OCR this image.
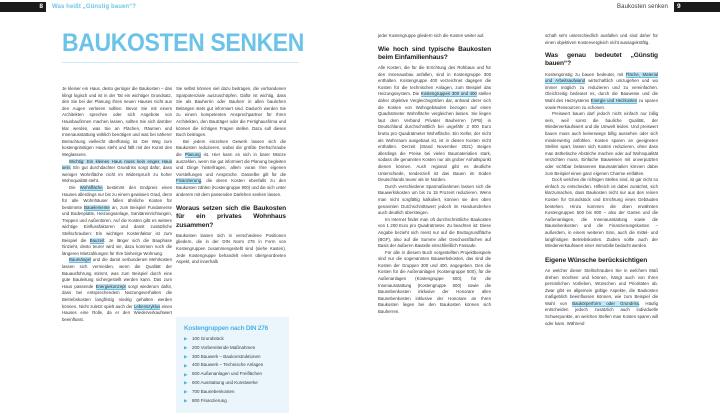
8	Was heißt „Günstig bauen“?	Baukosten senken	9
BAUKOSTEN SENKEN

Je kleiner ein Haus, desto geringer die Baukosten – das klingt logisch und ist in der Tat ein wichtiger Grundsatz, den Sie bei der Planung Ihres neuen Hauses nicht aus den Augen verlieren sollten. Bevor Sie mit einem Architekten sprechen oder sich Angebote von Hausbaufirmen machen lassen, sollten Sie sich darüber klar werden, was Sie an Flächen, Räumen und Innenausstattung wirklich benötigen und was bei näherer Betrachtung vielleicht überflüssig ist. Der Weg zum kostengünstigen Haus steht und fällt mit der Kunst des Weglassens.

Wichtig: Ein kleines Haus muss kein enges Haus sein. Ein gut durchdachter Grundriss sorgt dafür, dass weniger Wohnfläche nicht im Widerspruch zu hoher Wohnqualität steht.

Die Wohnfläche bestimmt den Endpreis eines Hauses allerdings nur bis zu einem gewissen Grad, denn für alle Wohnhäuser fallen ähnliche Kosten für bestimmte Bauelemente an, zum Beispiel Fundamente und Bodenplatte, Heizungsanlage, Sanitäreinrichtungen, Treppen und Außentüren. Auf die Kosten gibt es weitere wichtige Einflussfaktoren und damit zusätzliche Stellschrauben: Ein wichtiger Kostenfaktor ist zum Beispiel die Bauzeit: Je länger sich die Bauphase hinzieht, desto teurer wird sie, dazu kommen noch die längeren Mietzahlungen für Ihre bisherige Wohnung.

Baumängel und die damit verbundenen Mehrkosten lassen sich vermeiden, wenn die Qualität der Bauausführung stimmt, was zum Beispiel durch eine gute Bauleitung sichergestellt werden kann. Das zum Haus passende Energiekonzept sorgt wiederum dafür, dass bei entsprechendem Nutzungsverhalten die Betriebskosten langfristig niedrig gehalten werden können. Nicht zuletzt spielt auch der Lebenszyklus eines Hauses eine Rolle, da er den Wiederverkaufswert beeinflusst.

Sie selbst können viel dazu beitragen, die vorhandenen Sparpotenziale auszuschöpfen. Dafür ist wichtig, dass Sie als Bauherrin oder Bauherr in allen baulichen Belangen stets gut informiert sind. Dadurch werden Sie zu einem kompetenten Ansprechpartner für Ihren Architekten, den Bauträger oder die Fertighausfirma und können die richtigen Fragen stellen. Dazu soll dieses Buch beitragen.

Bei jedem einzelnen Gewerk lassen sich die Baukosten reduzieren, wobei die größte Drehschraube die Planung ist. Hier kann es sich in barer Münze auszahlen, wenn Sie gut informiert die Planung begleiten und Dinge hinterfragen, allem voran Ihre eigenen Vorstellungen und Ansprüche. Dasselbe gilt für die Finanzierung, die deren Kosten ebenfalls zu den Baukosten zählen (Kostengruppe 800) und die sich unter anderem mit dem passenden Darlehen senken lassen.

Woraus setzen sich die Baukosten für ein privates Wohnhaus zusammen?

Baukosten lassen sich in verschiedene Positionen gliedern, die in der DIN Norm 276 in Form von Kostengruppen zusammengestellt sind (siehe Kasten). Jede Kostengruppe behandelt einen übergeordneten Aspekt, und innerhalb

Kostengruppen nach DIN 276
▶ 100 Grundstück
▶ 200 Vorbereitende Maßnahmen
▶ 300 Bauwerk – Baukonstruktionen
▶ 400 Bauwerk – Technische Anlagen
▶ 500 Außenanlagen und Freiflächen
▶ 600 Ausstattung und Kunstwerke
▶ 700 Baunebenkosten
▶ 800 Finanzierung

jeder Kostengruppe gliedern sich die Kosten weiter auf.

Wie hoch sind typische Baukosten beim Einfamilienhaus?

Alle Kosten, die für die Errichtung des Rohbaus und für den Innenausbau anfallen, sind in Kostengruppe 300 enthalten. Kostengruppe 400 verzeichnet dagegen die Kosten für die technischen Anlagen, zum Beispiel das Heizungssystem. Die Kostengruppen 300 und 400 stellen daher objektive Vergleichsgrößen dar, anhand derer sich die Kosten von Wohngebäuden bezogen auf einen Quadratmeter Wohnfläche vergleichen lassen. Sie liegen laut dem Verband Privater Bauherren (VPB) in Deutschland durchschnittlich bei ungefähr 2 000 Euro brutto pro Quadratmeter Wohnfläche. Ein Keller, der nicht als Wohnraum ausgebaut ist, ist in diesen Kosten nicht enthalten. Derzeit (Stand November 2021) steigen allerdings die Preise bei vielen Baumaterialien stark, sodass die genannten Kosten nur als grober Anhaltspunkt dienen können. Auch regional gibt es deutliche Unterschiede, tendenziell ist das Bauen im Süden Deutschlands teurer als im Norden.

Durch verschiedene Sparmaßnahmen lassen sich die Bauwerkskosten um bis zu 15 Prozent reduzieren. Wenn man nicht sorgfältig kalkuliert, können sie den oben genannten Durchschnittswert jedoch im Handumdrehen auch deutlich übersteigen.

Im Internet findet man oft durchschnittliche Baukosten von 1 200 Euro pro Quadratmeter. Zu beachten ist: Diese Angabe bezieht sich meist nur auf die Bruttogrundfläche (BGF), also auf die Summe aller Geschossflächen auf Basis der äußeren Bauteile einschließlich Fassade.

Für alle in diesem Buch vorgestellten Projektbeispiele sind nur die sogenannten Bauwerkskosten, das sind die Kosten der Gruppen 300 und 400, angegeben. Den die Kosten für die Außenanlagen (Kostengruppe 500), für die Außenanlagen (Kostengruppe 500), für die Innenausstattung (Kostengruppe 600) sowie die Baunebenkosten inklusive der Honorare allen Baunebenkosten inklusive der Honorare an Ihren Baukosten liegen bei den Baukosten können sich Bauherren.

schaft sehr unterschiedlich ausfallen und sind daher für einen objektiven Kostenvergleich nicht aussagekräftig.

Was genau bedeutet „Günstig bauen“?

Kostengünstig zu bauen bedeutet, mit Fläche, Material und Arbeitsaufwand wirtschaftlich umzugehen und wo immer möglich zu reduzieren und zu vereinfachen. Gleichzeitig bedeutet es, durch die Bauweise und die Wahl des Heizsystems Energie und Heizkosten zu sparen sowie Ressourcen zu schonen.

Preiswert bauen darf jedoch nicht einfach nur billig sein, weil sonst die bauliche Qualität, der Wiederverkaufswert und die Umwelt leiden. Und preiswert bauen muss auch keineswegs billig aussehen oder sich minderwertig anfühlen. Kosten sparen an geeigneten Stellen spart, lassen sich Kosten reduzieren, ohne dass man ästhetische Abstriche machen oder auf Wohnqualität verzichten muss. Einfache Bauweisen mit unverputzten oder sichtbar belassenen Baumaterialien können dabei zum Beispiel einen ganz eigenen Charme entfalten.

Doch welches die richtigen Stellen sind, ist gar nicht so einfach zu entscheiden. Hilfreich ist dabei zunächst, sich klarzumachen, dass Baukosten nicht nur aus den reinen Kosten für Grundstück und Errichtung eines Gebäudes bestehen. Hinzu kommen die oben erwähnten Kostengruppen 500 bis 800 – also der Garten und die Außenanlagen, die Innenausstattung sowie die Baunebenkosten und die Finanzierungskosten – außerdem, in einem weiteren Sinn, auch die mittel- und langfristigen Betriebskosten. Zudem sollte auch der Wiederverkaufswert einer Immobilie bedacht werden.

Eigene Wünsche berücksichtigen

An welcher dieser Stellschrauben Sie in welchem Maß drehen möchten und können, hängt auch von Ihren persönlichen Vorlieben, Wünschen und Prioritäten ab. Zwar gibt es allgemein gültige Aspekte, die Baukosten maßgeblich beeinflussen können, wie zum Beispiel die Wahl von Baukörperform oder Grundriss. Häufig entscheiden jedoch zusätzlich auch individuelle Schwerpunkte, an welchen Stellen man Kosten sparen will oder kann. Während
